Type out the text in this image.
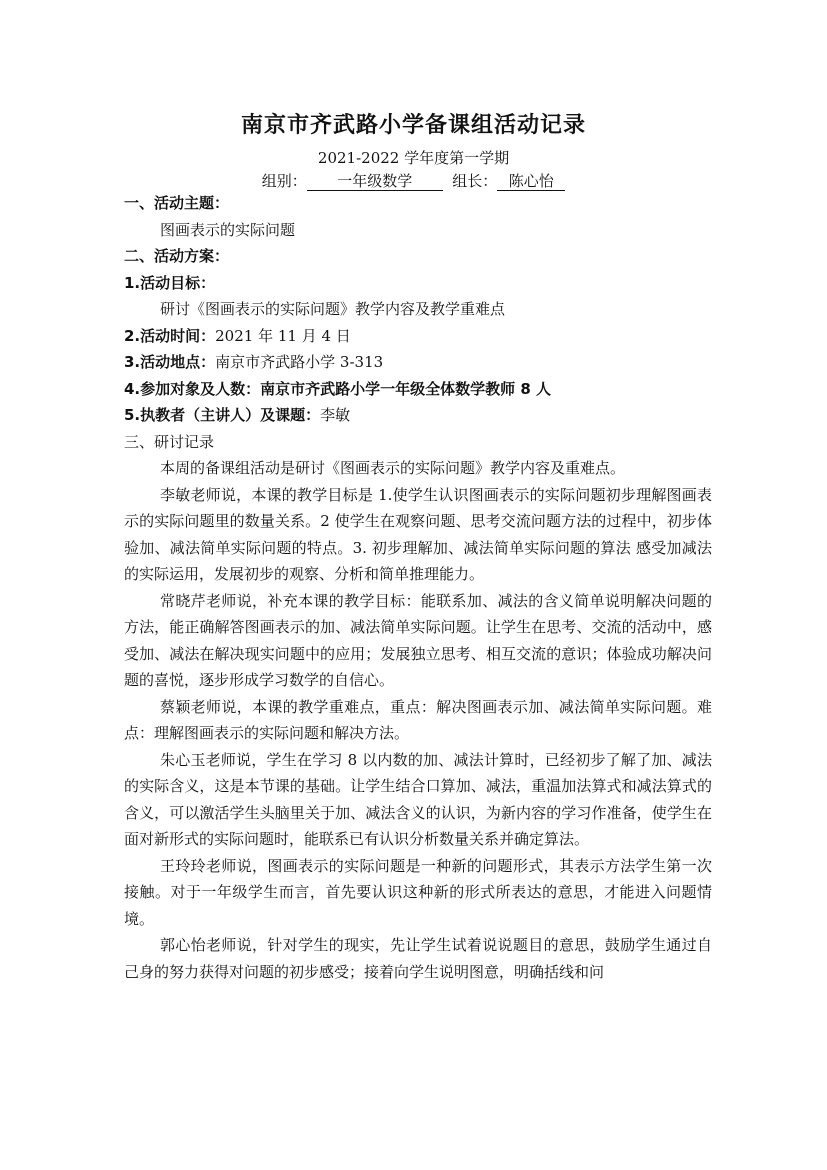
南京市齐武路小学备课组活动记录
2021-2022 学年度第一学期
组别： 一年级数学	组长： 陈心怡

一、活动主题：

图画表示的实际问题

二、活动方案：

1.活动目标：

研讨《图画表示的实际问题》教学内容及教学重难点

2.活动时间：2021 年 11 月 4 日

3.活动地点：南京市齐武路小学 3-313

4.参加对象及人数：南京市齐武路小学一年级全体数学教师 8 人

5.执教者（主讲人）及课题：李敏

三、研讨记录

本周的备课组活动是研讨《图画表示的实际问题》教学内容及重难点。

李敏老师说，本课的教学目标是 1.使学生认识图画表示的实际问题初步理解图画表示的实际问题里的数量关系。2 使学生在观察问题、思考交流问题方法的过程中，初步体验加、减法简单实际问题的特点。3. 初步理解加、减法简单实际问题的算法 感受加减法的实际运用，发展初步的观察、分析和简单推理能力。

常晓芹老师说，补充本课的教学目标：能联系加、减法的含义简单说明解决问题的方法，能正确解答图画表示的加、减法简单实际问题。让学生在思考、交流的活动中，感受加、减法在解决现实问题中的应用；发展独立思考、相互交流的意识；体验成功解决问题的喜悦，逐步形成学习数学的自信心。

蔡颖老师说，本课的教学重难点，重点：解决图画表示加、减法简单实际问题。难点：理解图画表示的实际问题和解决方法。

朱心玉老师说，学生在学习 8 以内数的加、减法计算时，已经初步了解了加、减法的实际含义，这是本节课的基础。让学生结合口算加、减法，重温加法算式和减法算式的含义，可以激活学生头脑里关于加、减法含义的认识，为新内容的学习作准备，使学生在面对新形式的实际问题时，能联系已有认识分析数量关系并确定算法。

王玲玲老师说，图画表示的实际问题是一种新的问题形式，其表示方法学生第一次接触。对于一年级学生而言，首先要认识这种新的形式所表达的意思，才能进入问题情境。

郭心怡老师说，针对学生的现实，先让学生试着说说题目的意思，鼓励学生通过自己身的努力获得对问题的初步感受；接着向学生说明图意，明确括线和问
